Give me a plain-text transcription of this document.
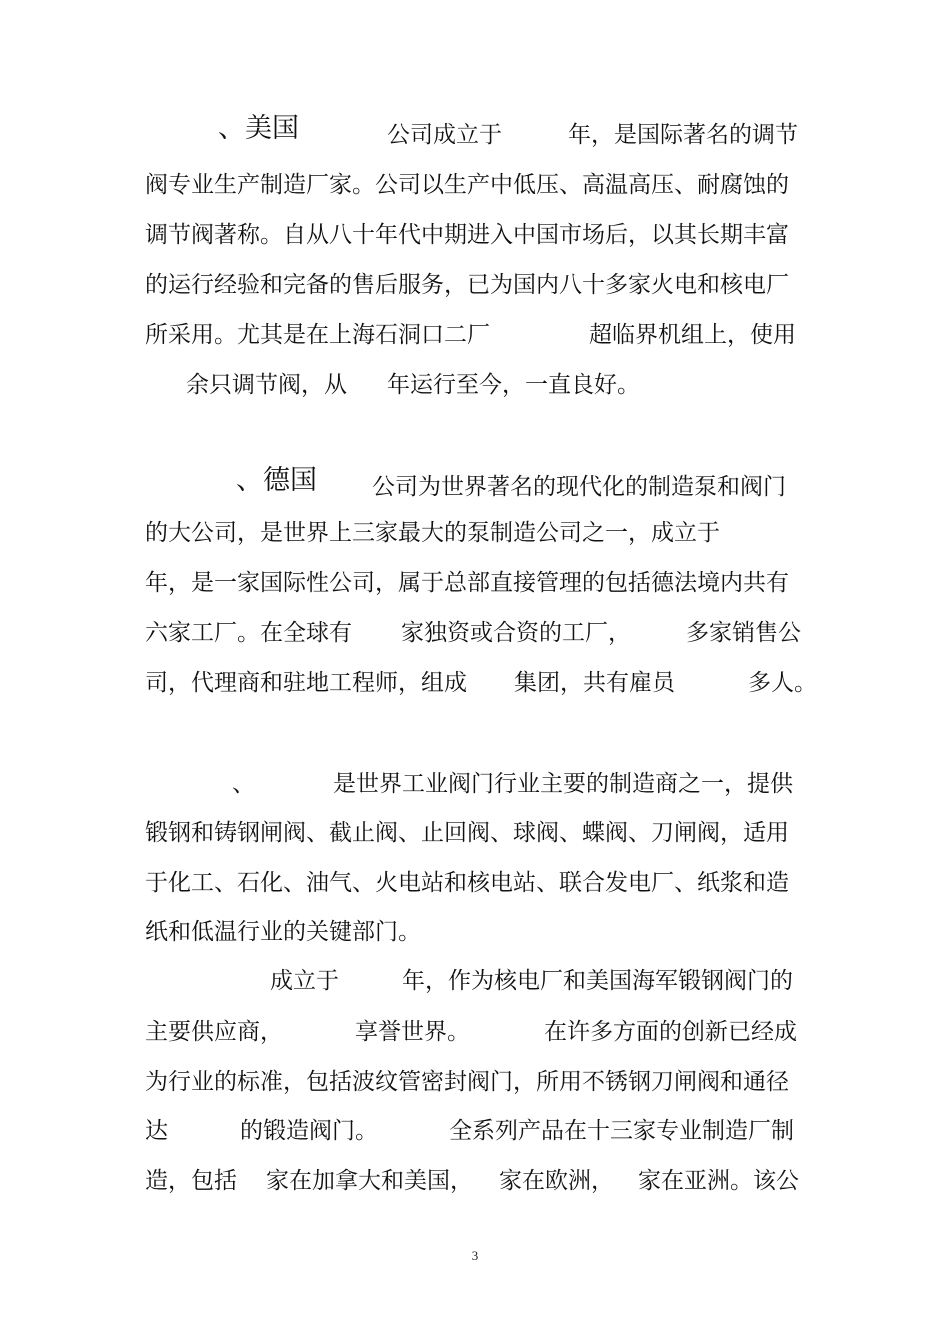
、美国	公司成立于	年，是国际著名的调节
阀专业生产制造厂家。公司以生产中低压、高温高压、耐腐蚀的
调节阀著称。自从八十年代中期进入中国市场后，以其长期丰富
的运行经验和完备的售后服务，已为国内八十多家火电和核电厂
所采用。尤其是在上海石洞口二厂	超临界机组上，使用
余只调节阀，从 年运行至今，一直良好。
、德国 公司为世界著名的现代化的制造泵和阀门
的大公司，是世界上三家最大的泵制造公司之一，成立于
年，是一家国际性公司，属于总部直接管理的包括德法境内共有
六家工厂。在全球有 家独资或合资的工厂， 多家销售公
司，代理商和驻地工程师，组成 集团，共有雇员	多人。
、	是世界工业阀门行业主要的制造商之一，提供
锻钢和铸钢闸阀、截止阀、止回阀、球阀、蝶阀、刀闸阀，适用
于化工、石化、油气、火电站和核电站、联合发电厂、纸浆和造
纸和低温行业的关键部门。
成立于	年，作为核电厂和美国海军锻钢阀门的
主要供应商，	享誉世界。	在许多方面的创新已经成
为行业的标准，包括波纹管密封阀门，所用不锈钢刀闸阀和通径
达	的锻造阀门。	全系列产品在十三家专业制造厂制
造，包括 家在加拿大和美国， 家在欧洲， 家在亚洲。该公
3
